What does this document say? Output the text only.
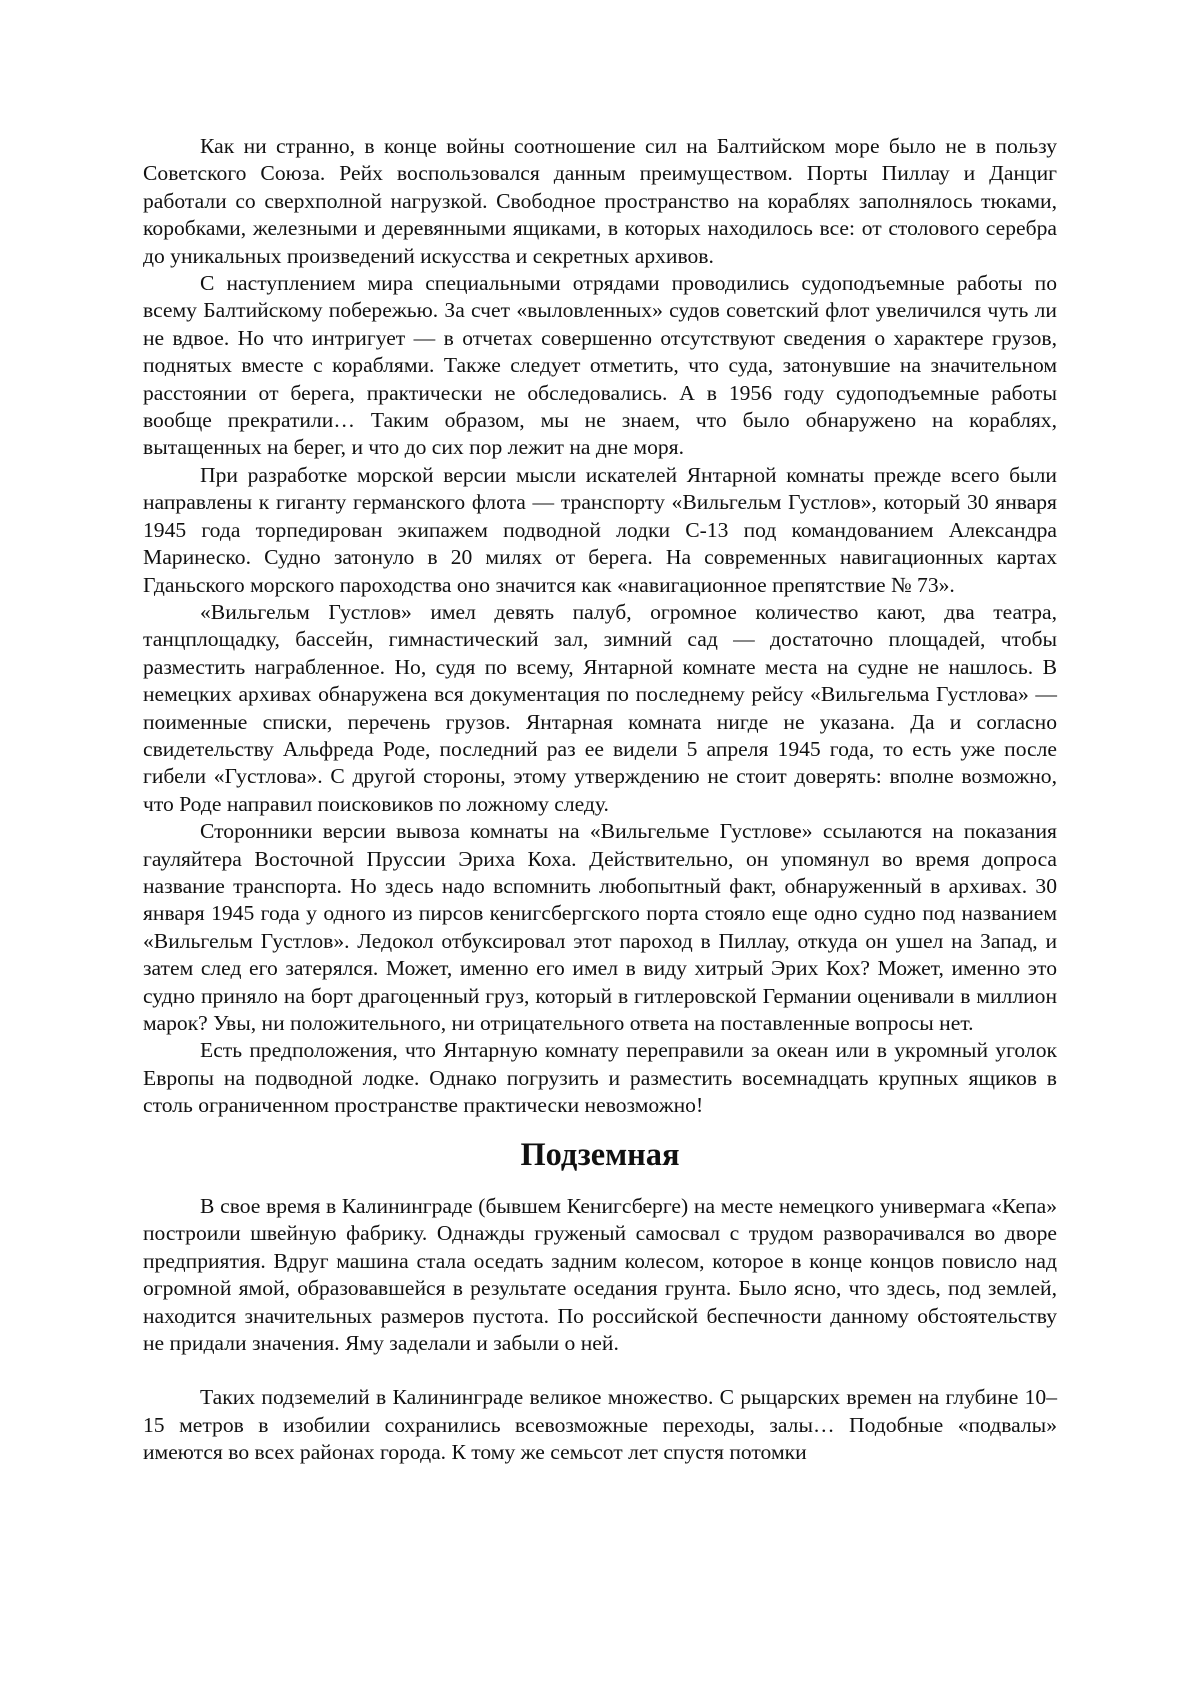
Как ни странно, в конце войны соотношение сил на Балтийском море было не в пользу Советского Союза. Рейх воспользовался данным преимуществом. Порты Пиллау и Данциг работали со сверхполной нагрузкой. Свободное пространство на кораблях заполнялось тюками, коробками, железными и деревянными ящиками, в которых находилось все: от столового серебра до уникальных произведений искусства и секретных архивов.

С наступлением мира специальными отрядами проводились судоподъемные работы по всему Балтийскому побережью. За счет «выловленных» судов советский флот увеличился чуть ли не вдвое. Но что интригует — в отчетах совершенно отсутствуют сведения о характере грузов, поднятых вместе с кораблями. Также следует отметить, что суда, затонувшие на значительном расстоянии от берега, практически не обследовались. А в 1956 году судоподъемные работы вообще прекратили… Таким образом, мы не знаем, что было обнаружено на кораблях, вытащенных на берег, и что до сих пор лежит на дне моря.

При разработке морской версии мысли искателей Янтарной комнаты прежде всего были направлены к гиганту германского флота — транспорту «Вильгельм Густлов», который 30 января 1945 года торпедирован экипажем подводной лодки С-13 под командованием Александра Маринеско. Судно затонуло в 20 милях от берега. На современных навигационных картах Гданьского морского пароходства оно значится как «навигационное препятствие № 73».

«Вильгельм Густлов» имел девять палуб, огромное количество кают, два театра, танцплощадку, бассейн, гимнастический зал, зимний сад — достаточно площадей, чтобы разместить награбленное. Но, судя по всему, Янтарной комнате места на судне не нашлось. В немецких архивах обнаружена вся документация по последнему рейсу «Вильгельма Густлова» — поименные списки, перечень грузов. Янтарная комната нигде не указана. Да и согласно свидетельству Альфреда Роде, последний раз ее видели 5 апреля 1945 года, то есть уже после гибели «Густлова». С другой стороны, этому утверждению не стоит доверять: вполне возможно, что Роде направил поисковиков по ложному следу.

Сторонники версии вывоза комнаты на «Вильгельме Густлове» ссылаются на показания гауляйтера Восточной Пруссии Эриха Коха. Действительно, он упомянул во время допроса название транспорта. Но здесь надо вспомнить любопытный факт, обнаруженный в архивах. 30 января 1945 года у одного из пирсов кенигсбергского порта стояло еще одно судно под названием «Вильгельм Густлов». Ледокол отбуксировал этот пароход в Пиллау, откуда он ушел на Запад, и затем след его затерялся. Может, именно его имел в виду хитрый Эрих Кох? Может, именно это судно приняло на борт драгоценный груз, который в гитлеровской Германии оценивали в миллион марок? Увы, ни положительного, ни отрицательного ответа на поставленные вопросы нет.

Есть предположения, что Янтарную комнату переправили за океан или в укромный уголок Европы на подводной лодке. Однако погрузить и разместить восемнадцать крупных ящиков в столь ограниченном пространстве практически невозможно!

Подземная

В свое время в Калининграде (бывшем Кенигсберге) на месте немецкого универмага «Кепа» построили швейную фабрику. Однажды груженый самосвал с трудом разворачивался во дворе предприятия. Вдруг машина стала оседать задним колесом, которое в конце концов повисло над огромной ямой, образовавшейся в результате оседания грунта. Было ясно, что здесь, под землей, находится значительных размеров пустота. По российской беспечности данному обстоятельству не придали значения. Яму заделали и забыли о ней.

Таких подземелий в Калининграде великое множество. С рыцарских времен на глубине 10–15 метров в изобилии сохранились всевозможные переходы, залы… Подобные «подвалы» имеются во всех районах города. К тому же семьсот лет спустя потомки
